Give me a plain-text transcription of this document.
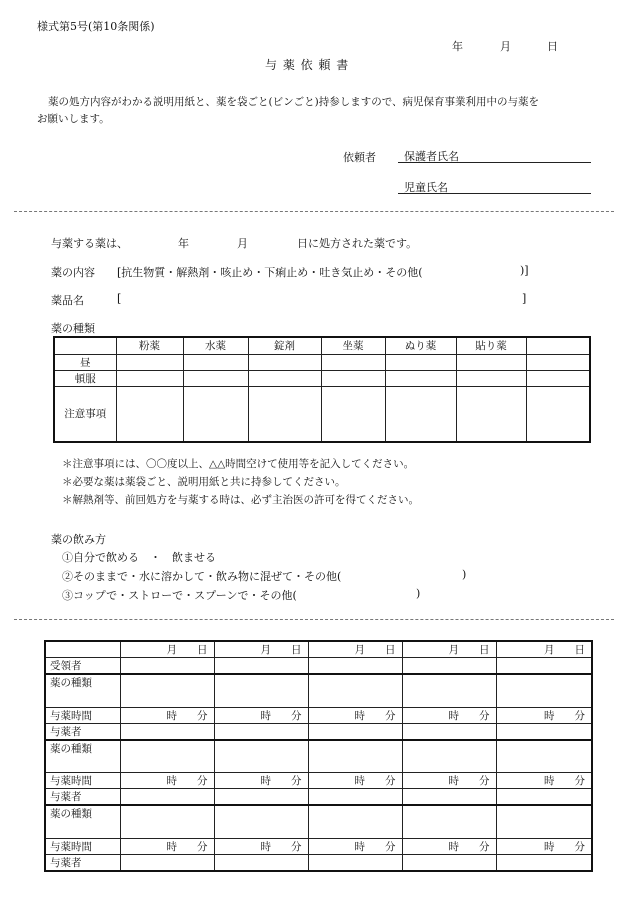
様式第5号(第10条関係)
年	月	日
与 薬 依 頼 書
薬の処方内容がわかる説明用紙と、薬を袋ごと(ビンごと)持参しますので、病児保育事業利用中の与薬を
お願いします。
依頼者	保護者氏名
児童氏名
与薬する薬は、	年	月	日に処方された薬です。
薬の内容 [抗生物質・解熱剤・咳止め・下痢止め・吐き気止め・その他(	)]
薬品名	[	]
薬の種類
	粉薬	水薬	錠剤	坐薬	ぬり薬	貼り薬	
昼							
頓服							
注意事項							
＊注意事項には、〇〇度以上、△△時間空けて使用等を記入してください。
＊必要な薬は薬袋ごと、説明用紙と共に持参してください。
＊解熱剤等、前回処方を与薬する時は、必ず主治医の許可を得てください。
薬の飲み方
①自分で飲める　・　飲ませる
②そのままで・水に溶かして・飲み物に混ぜて・その他(	)
③コップで・ストローで・スプーンで・その他(	)

	月 日	月 日	月 日	月 日	月 日

受領者					
薬の種類					
与薬時間	時 分	時 分	時 分	時 分	時 分

与薬者					
薬の種類					
与薬時間	時 分	時 分	時 分	時 分	時 分

与薬者					
薬の種類					
与薬時間	時 分	時 分	時 分	時 分	時 分

与薬者					
